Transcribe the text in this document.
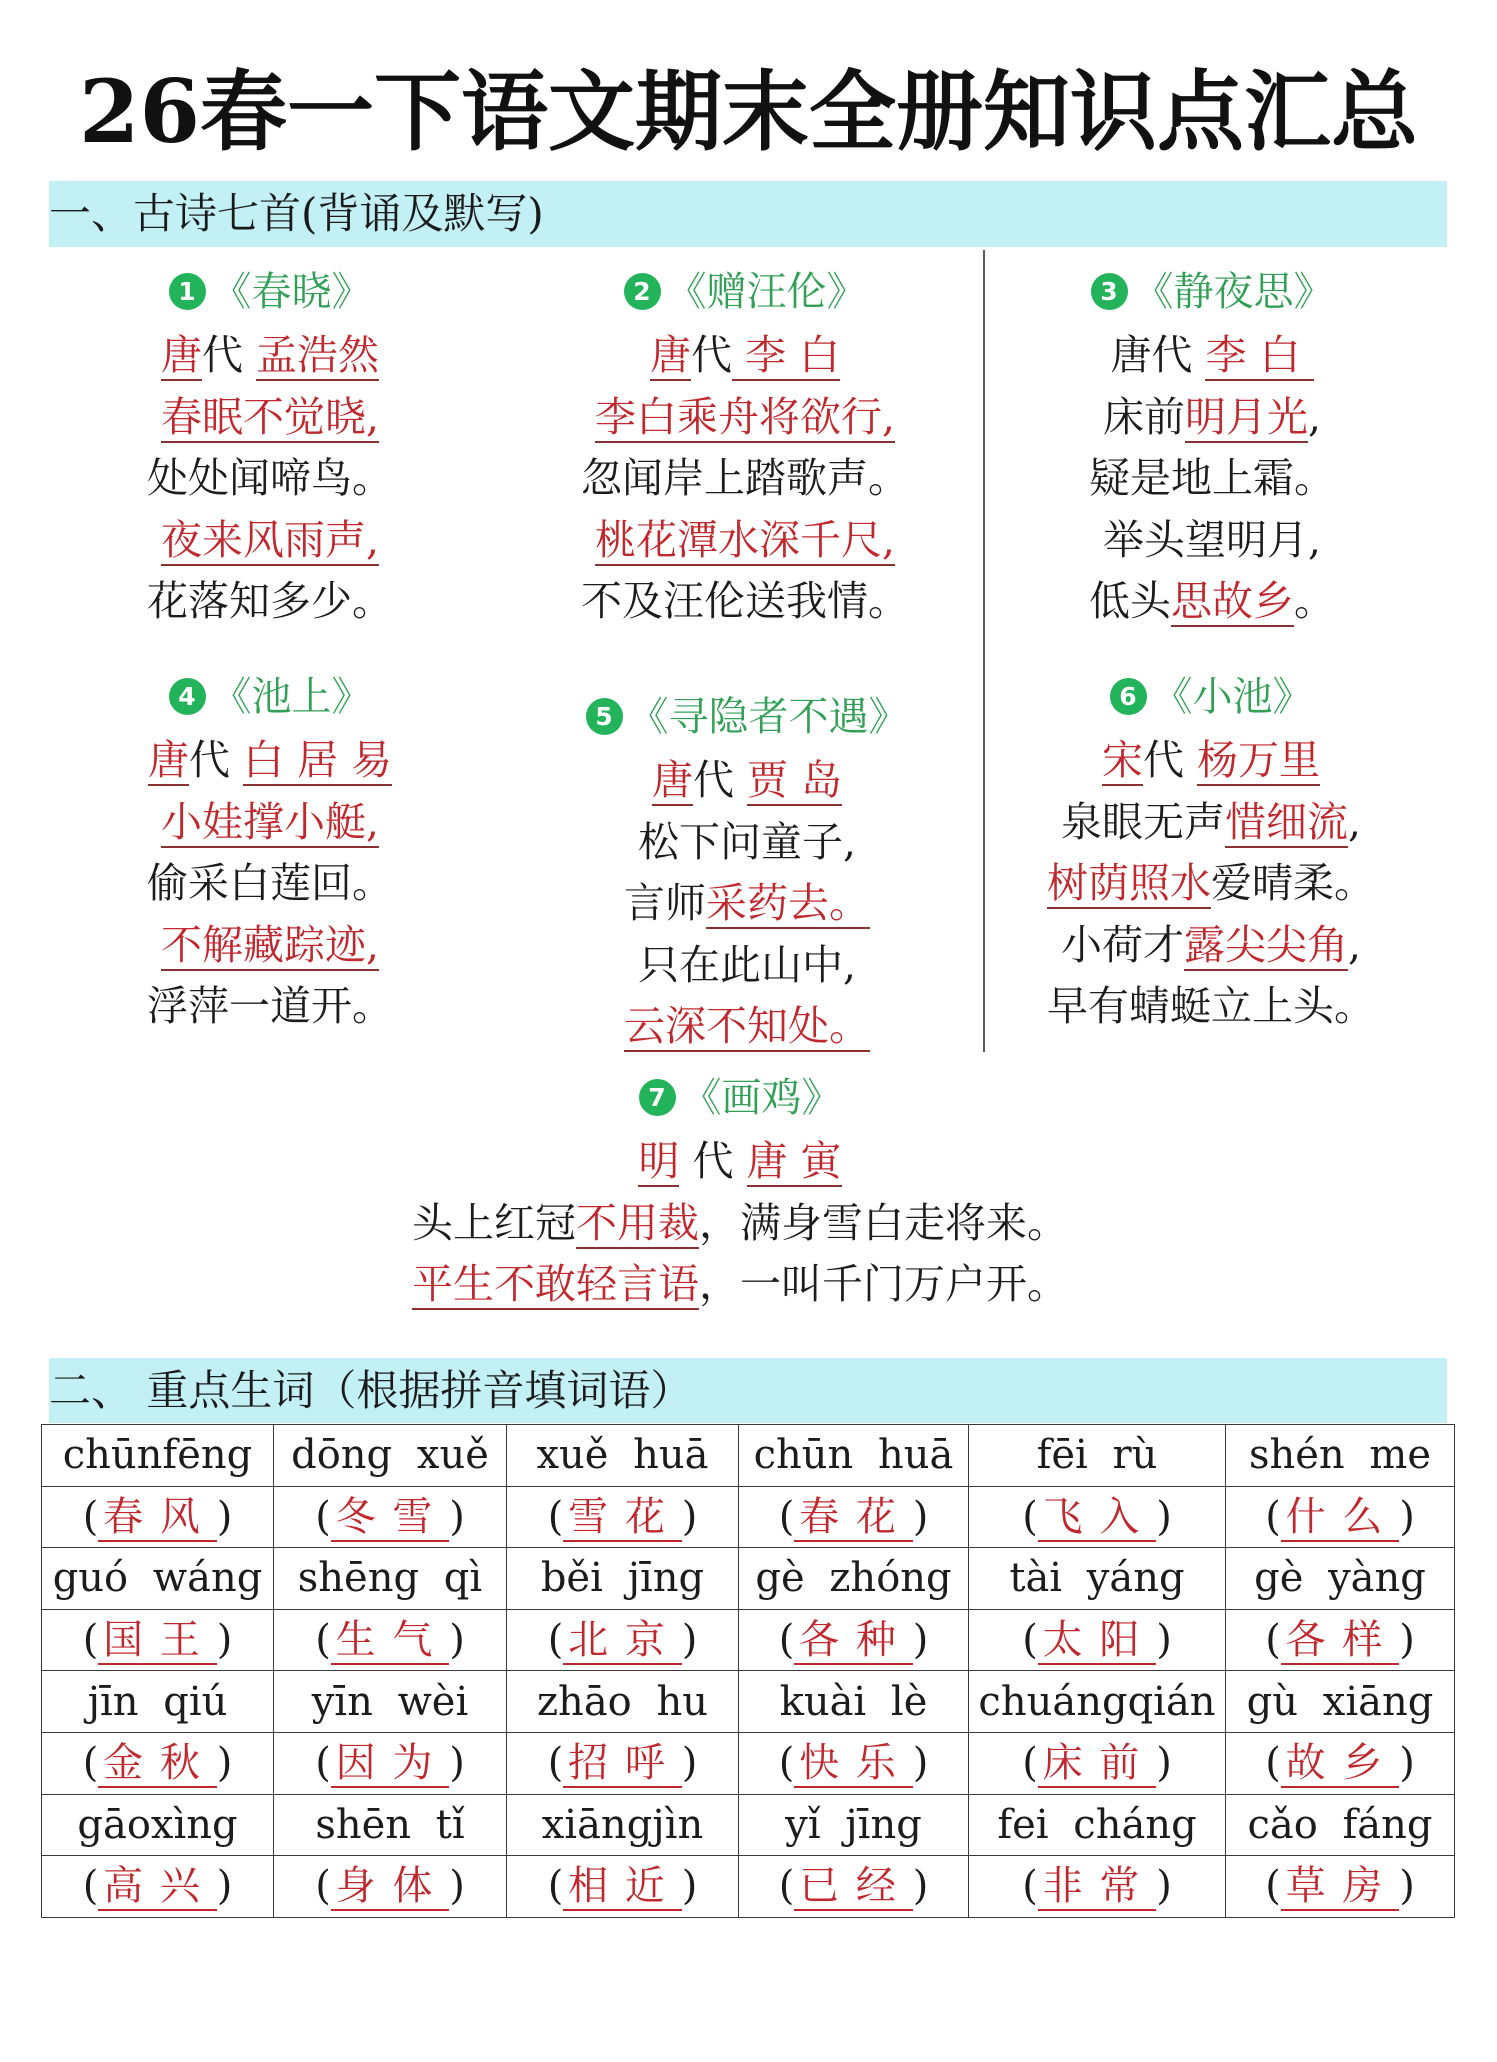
26春一下语文期末全册知识点汇总
一、古诗七首(背诵及默写)
1 《春晓》
唐代 孟浩然
春眠不觉晓,
处处闻啼鸟。
夜来风雨声,
花落知多少。
2 《赠汪伦》
唐代 李 白
李白乘舟将欲行,
忽闻岸上踏歌声。
桃花潭水深千尺,
不及汪伦送我情。
3 《静夜思》
唐代 李 白
床前明月光,
疑是地上霜。
举头望明月,
低头思故乡。
4 《池上》
唐代 白 居 易
小娃撑小艇,
偷采白莲回。
不解藏踪迹,
浮萍一道开。
5 《寻隐者不遇》
唐代 贾 岛
松下问童子,
言师采药去。
只在此山中,
云深不知处。
6 《小池》
宋代 杨万里
泉眼无声惜细流,
树荫照水爱晴柔。
小荷才露尖尖角,
早有蜻蜓立上头。
7 《画鸡》
明 代 唐 寅
头上红冠不用裁，满身雪白走将来。
平生不敢轻言语，一叫千门万户开。
二、 重点生词（根据拼音填词语）
chūnfēng	dōng xuě	xuě huā	chūn huā	fēi rù	shén me
( 春风)	( 冬雪)	( 雪花)	( 春花)	( 飞入)	( 什么)
guó wáng	shēng qì	běi jīng	gè zhóng	tài yáng	gè yàng
( 国王)	( 生气)	( 北京)	( 各种)	( 太阳)	( 各样)
jīn qiú	yīn wèi	zhāo hu	kuài lè	chuángqián	gù xiāng
( 金秋)	( 因为)	( 招呼)	( 快乐)	( 床前)	( 故乡)
gāoxìng	shēn tǐ	xiāngjìn	yǐ jīng	fei cháng	cǎo fáng
( 高兴)	( 身体)	( 相近)	( 已经)	( 非常)	( 草房)
